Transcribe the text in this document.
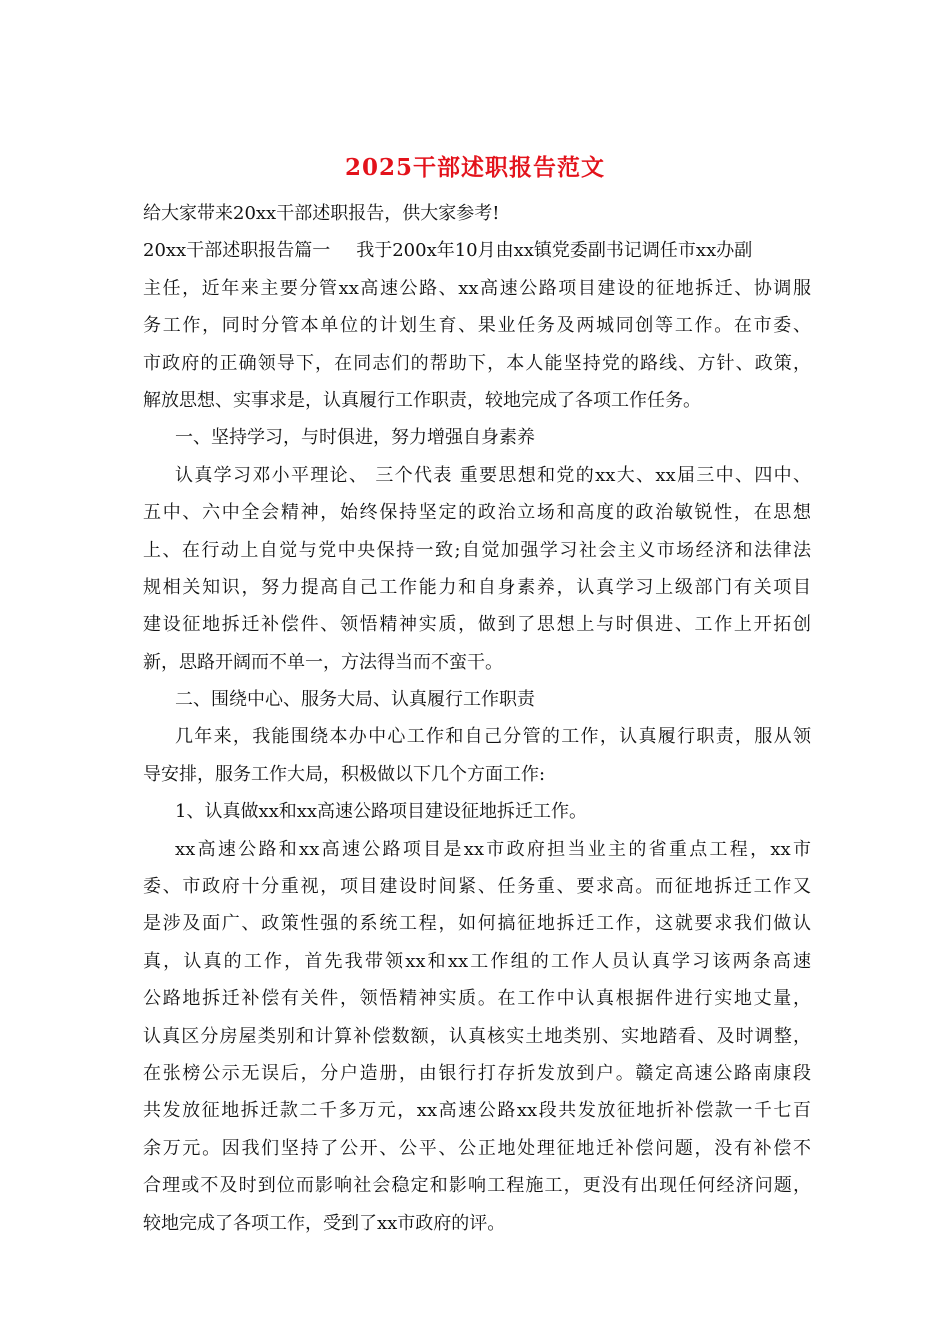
2025干部述职报告范文
给大家带来20xx干部述职报告，供大家参考!
20xx干部述职报告篇一 我于200x年10月由xx镇党委副书记调任市xx办副
主任，近年来主要分管xx高速公路、xx高速公路项目建设的征地拆迁、协调服
务工作，同时分管本单位的计划生育、果业任务及两城同创等工作。在市委、
市政府的正确领导下，在同志们的帮助下，本人能坚持党的路线、方针、政策，
解放思想、实事求是，认真履行工作职责，较地完成了各项工作任务。
一、坚持学习，与时俱进，努力增强自身素养
认真学习邓小平理论、 三个代表 重要思想和党的xx大、xx届三中、四中、
五中、六中全会精神，始终保持坚定的政治立场和高度的政治敏锐性，在思想
上、在行动上自觉与党中央保持一致;自觉加强学习社会主义市场经济和法律法
规相关知识，努力提高自己工作能力和自身素养，认真学习上级部门有关项目
建设征地拆迁补偿件、领悟精神实质，做到了思想上与时俱进、工作上开拓创
新，思路开阔而不单一，方法得当而不蛮干。
二、围绕中心、服务大局、认真履行工作职责
几年来，我能围绕本办中心工作和自己分管的工作，认真履行职责，服从领
导安排，服务工作大局，积极做以下几个方面工作:
1、认真做xx和xx高速公路项目建设征地拆迁工作。
xx高速公路和xx高速公路项目是xx市政府担当业主的省重点工程，xx市
委、市政府十分重视，项目建设时间紧、任务重、要求高。而征地拆迁工作又
是涉及面广、政策性强的系统工程，如何搞征地拆迁工作，这就要求我们做认
真，认真的工作，首先我带领xx和xx工作组的工作人员认真学习该两条高速
公路地拆迁补偿有关件，领悟精神实质。在工作中认真根据件进行实地丈量，
认真区分房屋类别和计算补偿数额，认真核实土地类别、实地踏看、及时调整，
在张榜公示无误后，分户造册，由银行打存折发放到户。赣定高速公路南康段
共发放征地拆迁款二千多万元，xx高速公路xx段共发放征地折补偿款一千七百
余万元。因我们坚持了公开、公平、公正地处理征地迁补偿问题，没有补偿不
合理或不及时到位而影响社会稳定和影响工程施工，更没有出现任何经济问题，
较地完成了各项工作，受到了xx市政府的评。
